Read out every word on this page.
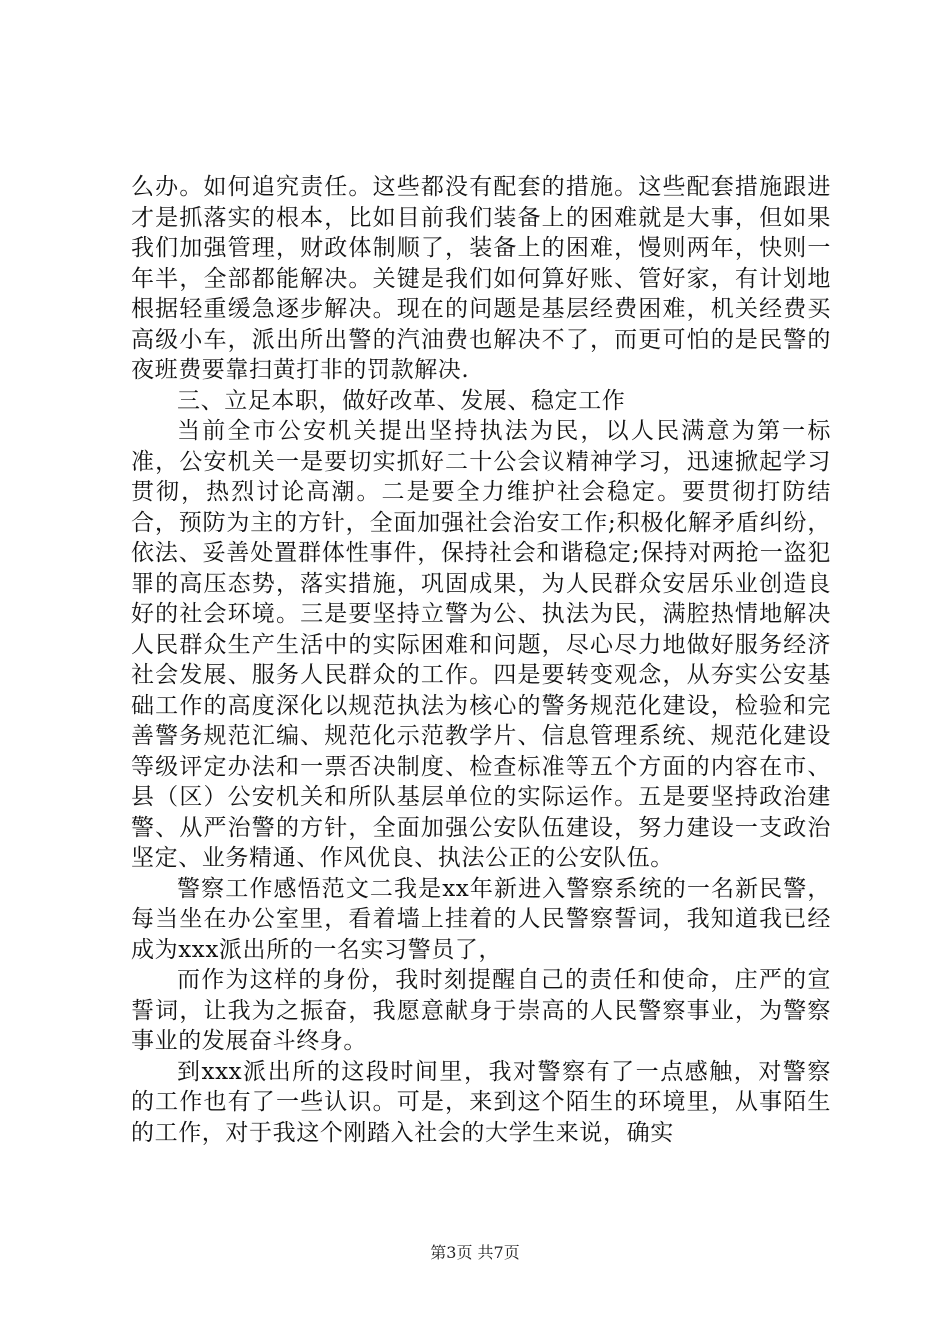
么办。如何追究责任。这些都没有配套的措施。这些配套措施跟进才是抓落实的根本，比如目前我们装备上的困难就是大事，但如果我们加强管理，财政体制顺了，装备上的困难，慢则两年，快则一年半，全部都能解决。关键是我们如何算好账、管好家，有计划地根据轻重缓急逐步解决。现在的问题是基层经费困难，机关经费买高级小车，派出所出警的汽油费也解决不了，而更可怕的是民警的夜班费要靠扫黄打非的罚款解决.

三、立足本职，做好改革、发展、稳定工作

当前全市公安机关提出坚持执法为民，以人民满意为第一标准，公安机关一是要切实抓好二十公会议精神学习，迅速掀起学习贯彻，热烈讨论高潮。二是要全力维护社会稳定。要贯彻打防结合，预防为主的方针，全面加强社会治安工作;积极化解矛盾纠纷，依法、妥善处置群体性事件，保持社会和谐稳定;保持对两抢一盗犯罪的高压态势，落实措施，巩固成果，为人民群众安居乐业创造良好的社会环境。三是要坚持立警为公、执法为民，满腔热情地解决人民群众生产生活中的实际困难和问题，尽心尽力地做好服务经济社会发展、服务人民群众的工作。四是要转变观念，从夯实公安基础工作的高度深化以规范执法为核心的警务规范化建设，检验和完善警务规范汇编、规范化示范教学片、信息管理系统、规范化建设等级评定办法和一票否决制度、检查标准等五个方面的内容在市、县（区）公安机关和所队基层单位的实际运作。五是要坚持政治建警、从严治警的方针，全面加强公安队伍建设，努力建设一支政治坚定、业务精通、作风优良、执法公正的公安队伍。

警察工作感悟范文二我是xx年新进入警察系统的一名新民警，每当坐在办公室里，看着墙上挂着的人民警察誓词，我知道我已经成为xxx派出所的一名实习警员了，

而作为这样的身份，我时刻提醒自己的责任和使命，庄严的宣誓词，让我为之振奋，我愿意献身于崇高的人民警察事业，为警察事业的发展奋斗终身。

到xxx派出所的这段时间里，我对警察有了一点感触，对警察的工作也有了一些认识。可是，来到这个陌生的环境里，从事陌生的工作，对于我这个刚踏入社会的大学生来说，确实

第3页 共7页
